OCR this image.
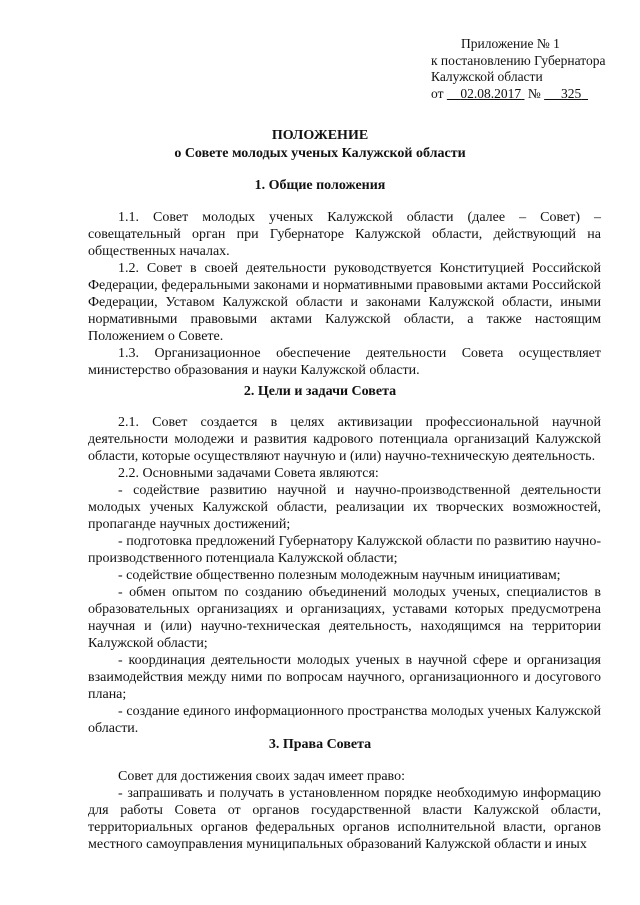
Приложение № 1
к постановлению Губернатора
Калужской области
от 02.08.2017 № 325
ПОЛОЖЕНИЕ
о Совете молодых ученых Калужской области
1. Общие положения

1.1. Совет молодых ученых Калужской области (далее – Совет) – совещательный орган при Губернаторе Калужской области, действующий на общественных началах.

1.2. Совет в своей деятельности руководствуется Конституцией Российской Федерации, федеральными законами и нормативными правовыми актами Российской Федерации, Уставом Калужской области и законами Калужской области, иными нормативными правовыми актами Калужской области, а также настоящим Положением о Совете.

1.3. Организационное обеспечение деятельности Совета осуществляет министерство образования и науки Калужской области.

2. Цели и задачи Совета

2.1. Совет создается в целях активизации профессиональной научной деятельности молодежи и развития кадрового потенциала организаций Калужской области, которые осуществляют научную и (или) научно-техническую деятельность.

2.2. Основными задачами Совета являются:

- содействие развитию научной и научно-производственной деятельности молодых ученых Калужской области, реализации их творческих возможностей, пропаганде научных достижений;

- подготовка предложений Губернатору Калужской области по развитию научно-производственного потенциала Калужской области;

- содействие общественно полезным молодежным научным инициативам;

- обмен опытом по созданию объединений молодых ученых, специалистов в образовательных организациях и организациях, уставами которых предусмотрена научная и (или) научно-техническая деятельность, находящимся на территории Калужской области;

- координация деятельности молодых ученых в научной сфере и организация взаимодействия между ними по вопросам научного, организационного и досугового плана;

- создание единого информационного пространства молодых ученых Калужской области.

3. Права Совета

Совет для достижения своих задач имеет право:

- запрашивать и получать в установленном порядке необходимую информацию для работы Совета от органов государственной власти Калужской области, территориальных органов федеральных органов исполнительной власти, органов местного самоуправления муниципальных образований Калужской области и иных
